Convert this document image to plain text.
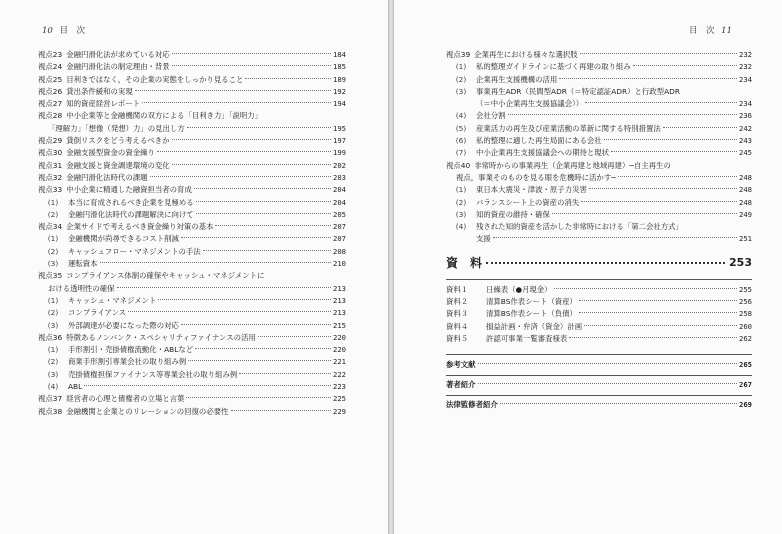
10 目　次
視点23 金融円滑化法が求めている対応	184
視点24 金融円滑化法の制定理由・背景	185
視点25 目利きではなく，その企業の実態をしっかり見ること	189
視点26 貸出条件緩和の実現	192
視点27 知的資産経営レポート	194
視点28 中小企業等と金融機関の双方による「目利き力」「説明力」
「理解力」「想像（発想）力」の見出し方	195
視点29 貸倒リスクをどう考えるべきか	197
視点30 金融支援型資金の資金繰り	199
視点31 金融支援と資金調達環境の変化	202
視点32 金融円滑化法時代の課題	203
視点33 中小企業に精通した融資担当者の育成	204
(1)	本当に育成されるべき企業を見極める	204
(2)	金融円滑化法時代の課題解決に向けて	205
視点34 企業サイドで考えるべき資金繰り対策の基本	207
(1)	金融機関が尚尋できるコスト削減	207
(2)	キャッシュフロー・マネジメントの手法	208
(3)	運転資本	210
視点35 コンプライアンス体制の確保やキャッシュ・マネジメントに
おける透明性の確保	213
(1)	キャッシュ・マネジメント	213
(2)	コンプライアンス	213
(3)	外部調達が必要になった際の対応	215
視点36 特徴あるノンバンク・スペシャリティファイナンスの活用	220
(1)	手形割引・売掛債権流動化・ABLなど	220
(2)	商業手形割引専業会社の取り組み例	221
(3)	売掛債権担保ファイナンス等専業会社の取り組み例	222
(4)	ABL	223
視点37 経営者の心理と債権者の立場と言葉	225
視点38 金融機関と企業とのリレーションの回復の必要性	229
目　次 11
視点39 企業再生における様々な選択肢	232
(1)	私的整理ガイドラインに基づく再建の取り組み	232
(2)	企業再生支援機構の活用	234
(3)	事業再生ADR（民間型ADR（＝特定認証ADR）と行政型ADR
（＝中小企業再生支援協議会））	234
(4)	会社分割	236
(5)	産業活力の再生及び産業活動の革新に関する特別措置法	242
(6)	私的整理に適した再生局面にある会社	243
(7)	中小企業再生支援協議会への期待と現状	245
視点40 非常時からの事業再生（企業再建と地域再建）─自主再生の
視点，事業そのものを見る眼を危機時に活かす─	248
(1)	東日本大震災・津波・原子力災害	248
(2)	バランスシート上の資産の消失	248
(3)	知的資産の維持・確保	249
(4)	残された知的資産を活かした非常時における「第二会社方式」
支援	251
資　料	253
資料１	日繰表（●月現金）	255
資料２	清算BS作表シート（資産）	256
資料３	清算BS作表シート（負債）	258
資料４	損益計画・弁済（資金）計画	260
資料５	許認可事業一覧審査様表	262
参考文献	265
著者紹介	267
法律監修者紹介	269
